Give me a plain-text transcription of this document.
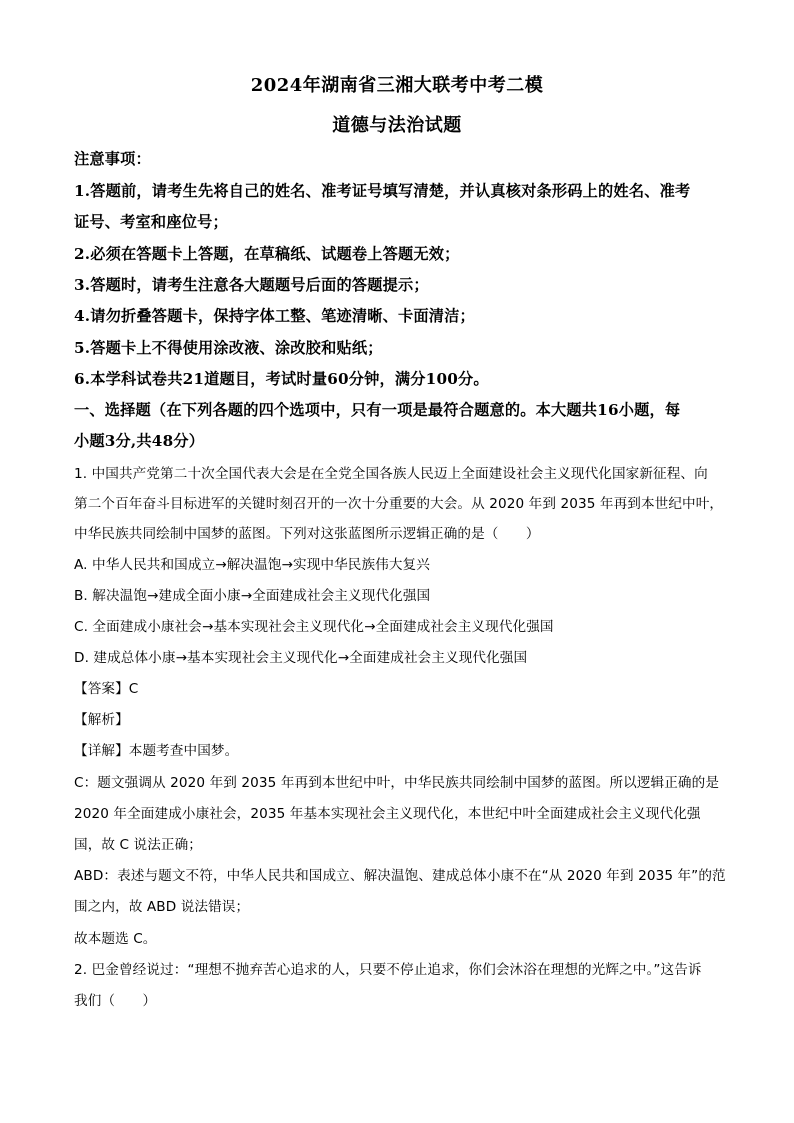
2024年湖南省三湘大联考中考二模
道德与法治试题
注意事项：
1.答题前，请考生先将自己的姓名、准考证号填写清楚，并认真核对条形码上的姓名、准考
证号、考室和座位号；
2.必须在答题卡上答题，在草稿纸、试题卷上答题无效；
3.答题时，请考生注意各大题题号后面的答题提示；
4.请勿折叠答题卡，保持字体工整、笔迹清晰、卡面清洁；
5.答题卡上不得使用涂改液、涂改胶和贴纸；
6.本学科试卷共21道题目，考试时量60分钟，满分100分。
一、选择题（在下列各题的四个选项中，只有一项是最符合题意的。本大题共16小题，每
小题3分,共48分）
1. 中国共产党第二十次全国代表大会是在全党全国各族人民迈上全面建设社会主义现代化国家新征程、向
第二个百年奋斗目标进军的关键时刻召开的一次十分重要的大会。从 2020 年到 2035 年再到本世纪中叶，
中华民族共同绘制中国梦的蓝图。下列对这张蓝图所示逻辑正确的是（　　）
A. 中华人民共和国成立→解决温饱→实现中华民族伟大复兴
B. 解决温饱→建成全面小康→全面建成社会主义现代化强国
C. 全面建成小康社会→基本实现社会主义现代化→全面建成社会主义现代化强国
D. 建成总体小康→基本实现社会主义现代化→全面建成社会主义现代化强国
【答案】C
【解析】
【详解】本题考查中国梦。
C：题文强调从 2020 年到 2035 年再到本世纪中叶，中华民族共同绘制中国梦的蓝图。所以逻辑正确的是
2020 年全面建成小康社会，2035 年基本实现社会主义现代化，本世纪中叶全面建成社会主义现代化强
国，故 C 说法正确；
ABD：表述与题文不符，中华人民共和国成立、解决温饱、建成总体小康不在“从 2020 年到 2035 年”的范
围之内，故 ABD 说法错误；
故本题选 C。
2. 巴金曾经说过：“理想不抛弃苦心追求的人，只要不停止追求，你们会沐浴在理想的光辉之中。”这告诉
我们（　　）
